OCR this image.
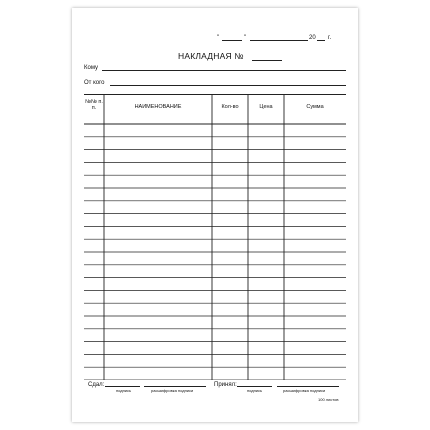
"	"	20 г.
НАКЛАДНАЯ №
Кому
От кого
№№ п. п.	НАИМЕНОВАНИЕ	Кол-во	Цена	Сумма
Сдал:
подпись	расшифровка подписи
Принял:
подпись	расшифровка подписи
100 листов
